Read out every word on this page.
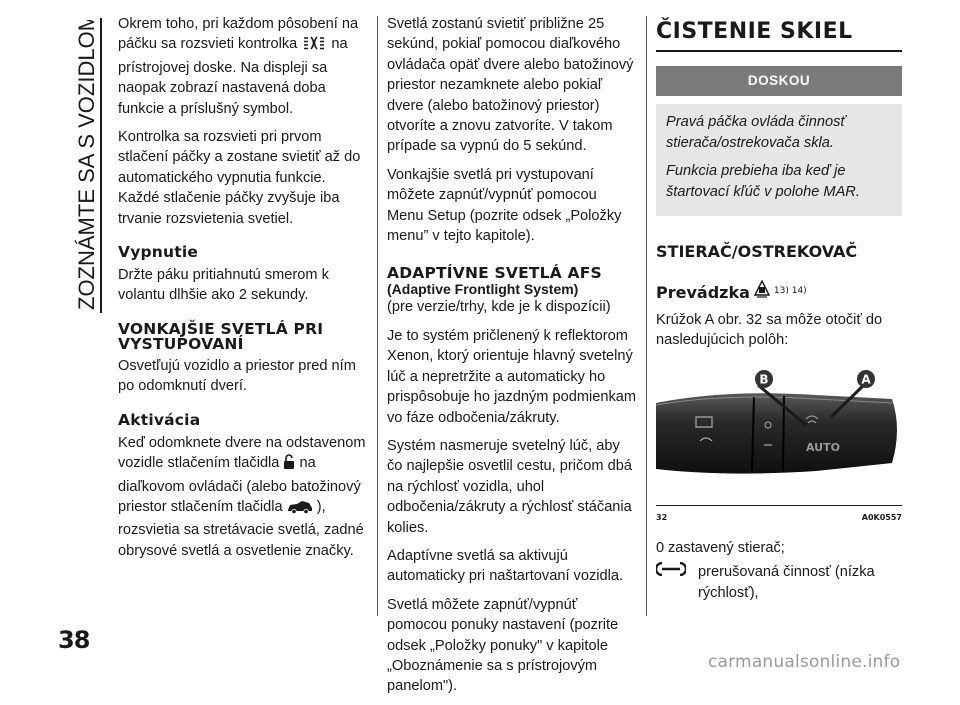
ZOZNÁMTE SA S VOZIDLOM
38

Okrem toho, pri každom pôsobení na páčku sa rozsvieti kontrolka na prístrojovej doske. Na displeji sa naopak zobrazí nastavená doba funkcie a príslušný symbol.

Kontrolka sa rozsvieti pri prvom stlačení páčky a zostane svietiť až do automatického vypnutia funkcie. Každé stlačenie páčky zvyšuje iba trvanie rozsvietenia svetiel.

Vypnutie

Držte páku pritiahnutú smerom k volantu dlhšie ako 2 sekundy.

VONKAJŠIE SVETLÁ PRI VYSTUPOVANÍ

Osvetľujú vozidlo a priestor pred ním po odomknutí dverí.

Aktivácia

Keď odomknete dvere na odstavenom vozidle stlačením tlačidla na diaľkovom ovládači (alebo batožinový priestor stlačením tlačidla ), rozsvietia sa stretávacie svetlá, zadné obrysové svetlá a osvetlenie značky.

Svetlá zostanú svietiť približne 25 sekúnd, pokiaľ pomocou diaľkového ovládača opäť dvere alebo batožinový priestor nezamknete alebo pokiaľ dvere (alebo batožinový priestor) otvoríte a znovu zatvoríte. V takom prípade sa vypnú do 5 sekúnd.

Vonkajšie svetlá pri vystupovaní môžete zapnúť/vypnúť pomocou Menu Setup (pozrite odsek „Položky menu” v tejto kapitole).

ADAPTÍVNE SVETLÁ AFS
(Adaptive Frontlight System)

(pre verzie/trhy, kde je k dispozícii)

Je to systém pričlenený k reflektorom Xenon, ktorý orientuje hlavný svetelný lúč a nepretržite a automaticky ho prispôsobuje ho jazdným podmienkam vo fáze odbočenia/zákruty.

Systém nasmeruje svetelný lúč, aby čo najlepšie osvetlil cestu, pričom dbá na rýchlosť vozidla, uhol odbočenia/zákruty a rýchlosť stáčania kolies.

Adaptívne svetlá sa aktivujú automaticky pri naštartovaní vozidla.

Svetlá môžete zapnúť/vypnúť pomocou ponuky nastavení (pozrite odsek „Položky ponuky" v kapitole „Oboznámenie sa s prístrojovým panelom").

ČISTENIE SKIEL
DOSKOU

Pravá páčka ovláda činnosť stierača/ostrekovača skla.

Funkcia prebieha iba keď je štartovací kľúč v polohe MAR.

STIERAČ/OSTREKOVAČ
Prevádzka	13) 14)

Krúžok A obr. 32 sa môže otočiť do nasledujúcich polôh:

B	A
AUTO
32	A0K0557
0 zastavený stierač;
prerušovaná činnosť (nízka rýchlosť),
carmanualsonline.info
